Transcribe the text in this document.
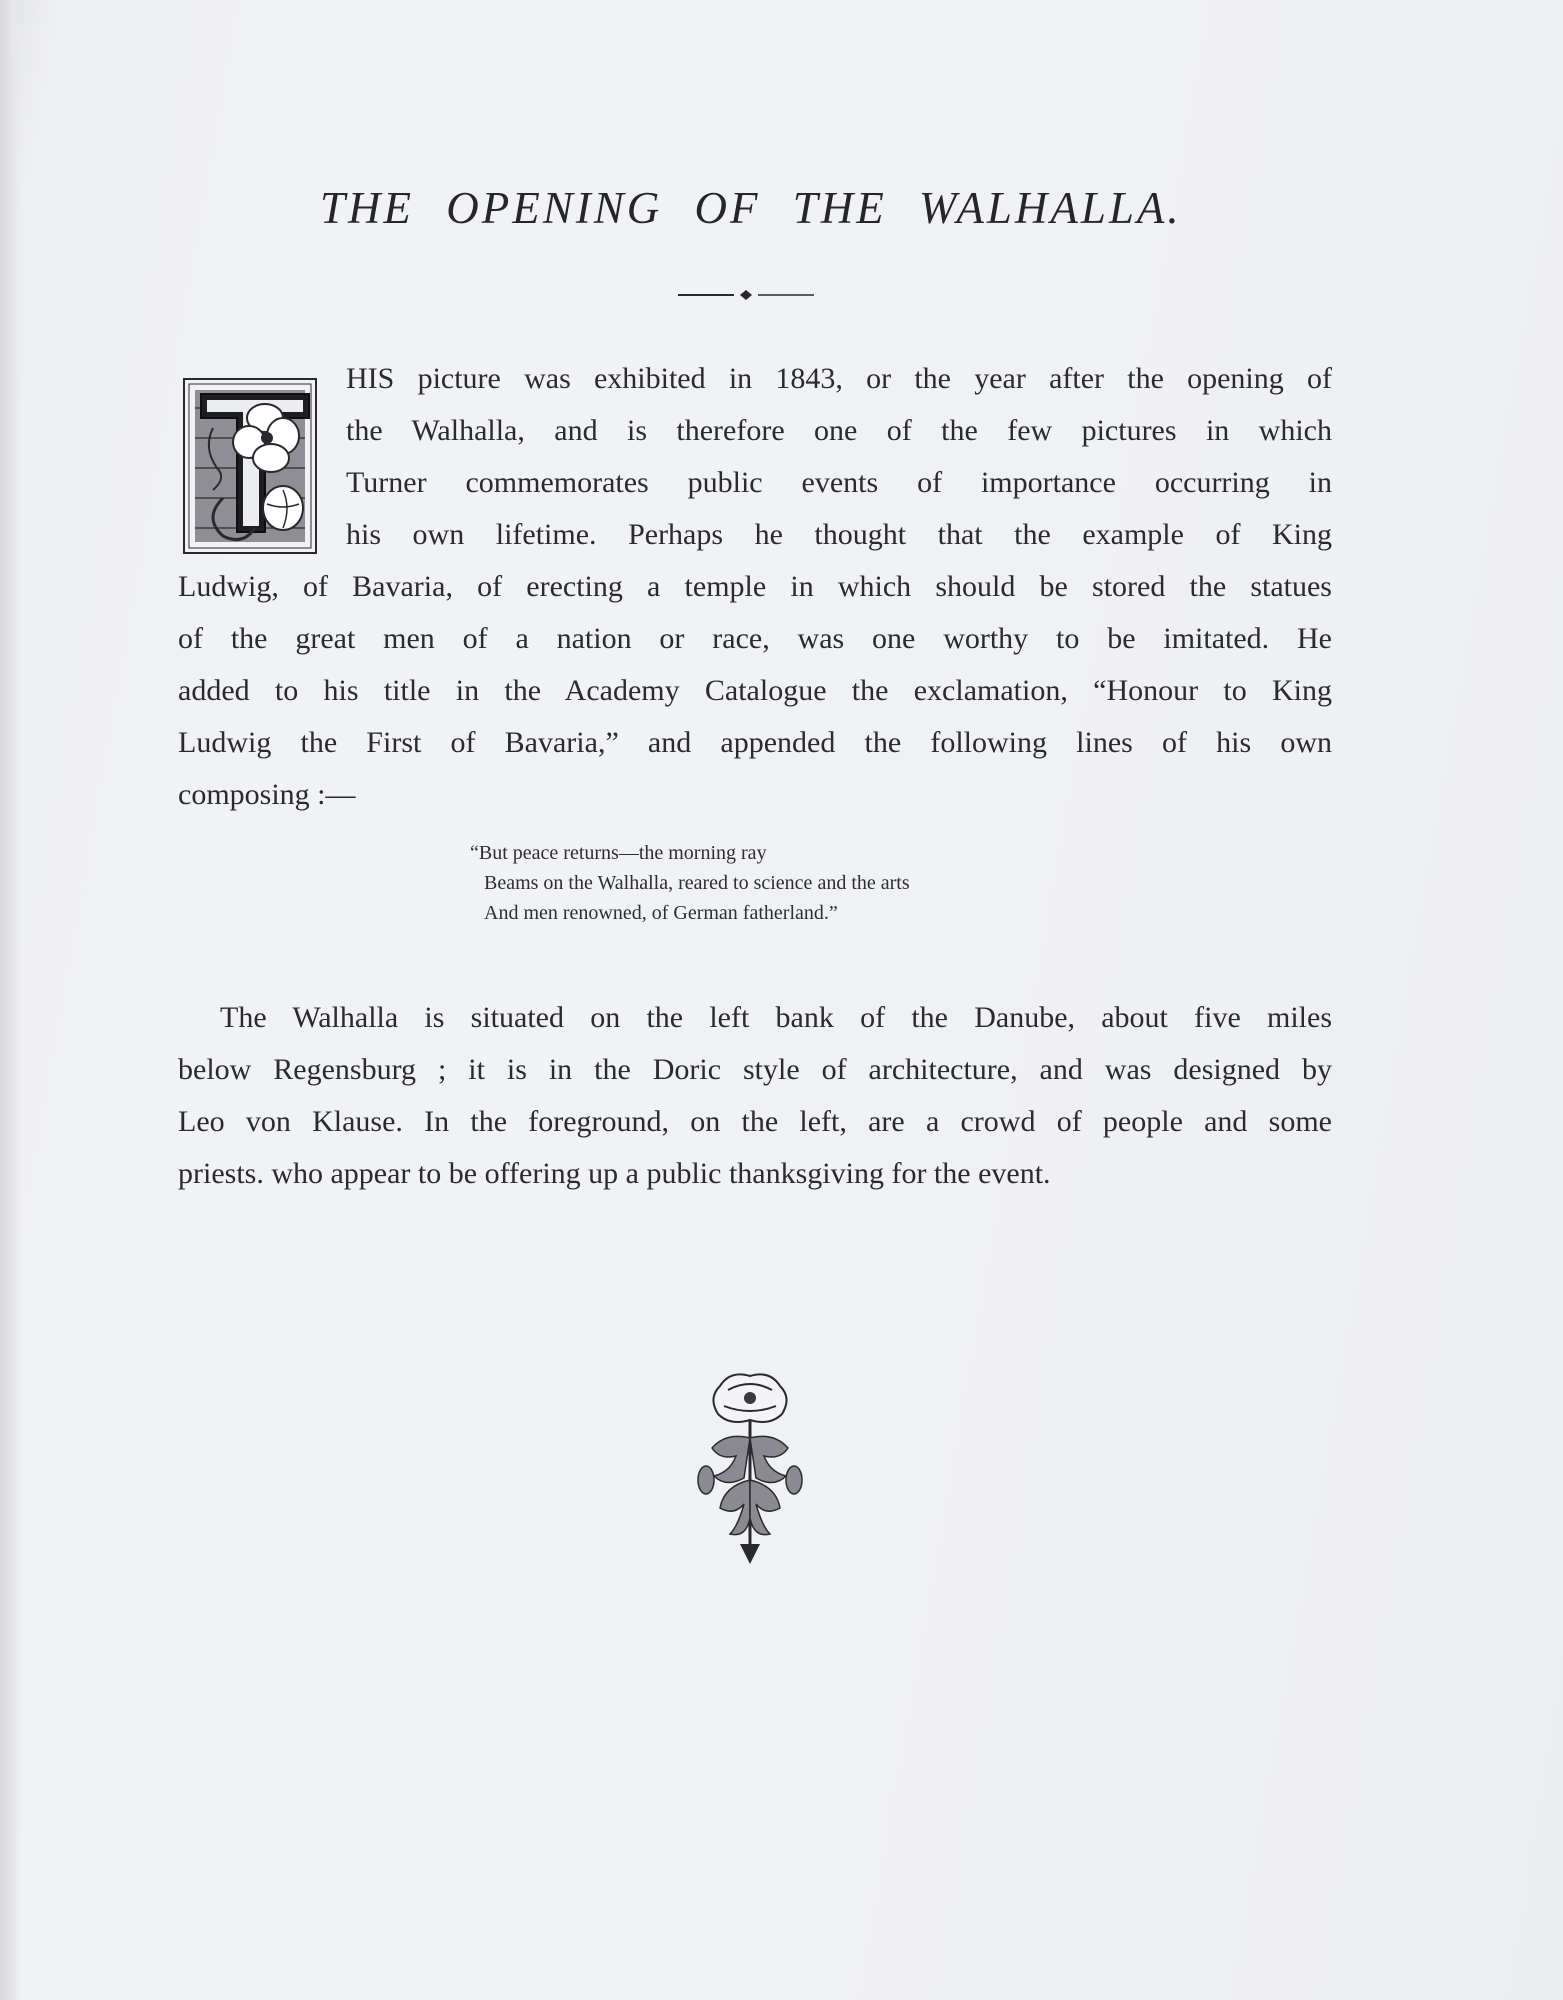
THE OPENING OF THE WALHALLA.
HIS picture was exhibited in 1843, or the year after the opening of
the Walhalla, and is therefore one of the few pictures in which
Turner commemorates public events of importance occurring in
his own lifetime. Perhaps he thought that the example of King
Ludwig, of Bavaria, of erecting a temple in which should be stored the statues
of the great men of a nation or race, was one worthy to be imitated. He
added to his title in the Academy Catalogue the exclamation, “Honour to King
Ludwig the First of Bavaria,” and appended the following lines of his own
composing :—
“But peace returns—the morning ray
Beams on the Walhalla, reared to science and the arts
And men renowned, of German fatherland.”
The Walhalla is situated on the left bank of the Danube, about five miles
below Regensburg ; it is in the Doric style of architecture, and was designed by
Leo von Klause. In the foreground, on the left, are a crowd of people and some
priests. who appear to be offering up a public thanksgiving for the event.
